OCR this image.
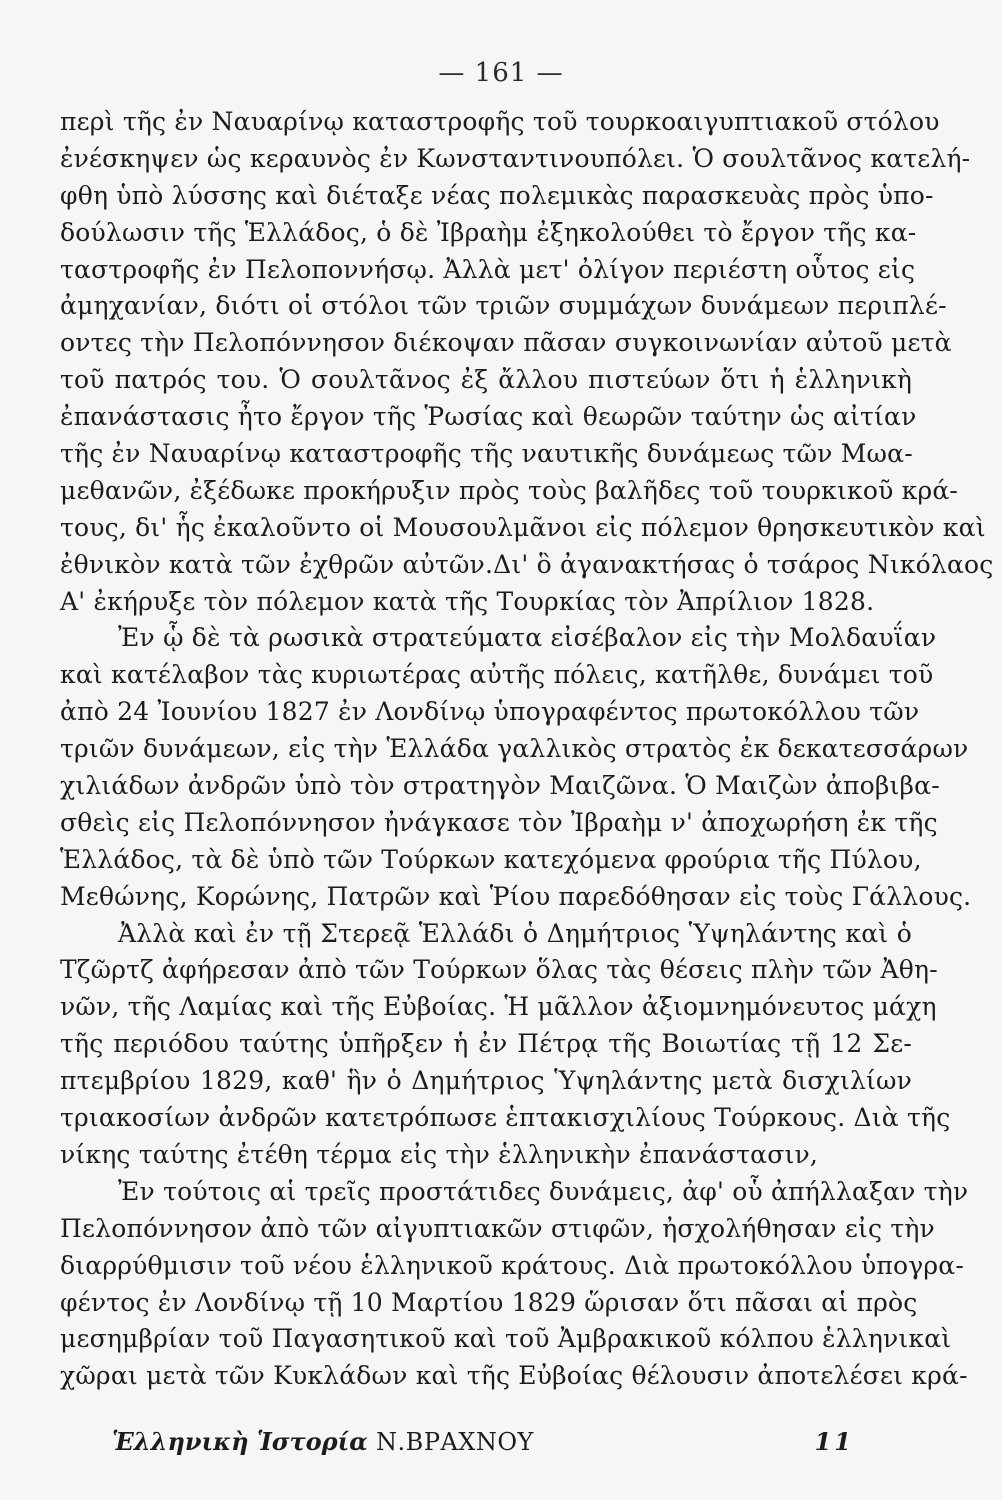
— 161 —
περὶ τῆς ἐν Ναυαρίνῳ καταστροφῆς τοῦ τουρκοαιγυπτιακοῦ στόλου
ἐνέσκηψεν ὡς κεραυνὸς ἐν Κωνσταντινουπόλει. Ὁ σουλτᾶνος κατελή-
φθη ὑπὸ λύσσης καὶ διέταξε νέας πολεμικὰς παρασκευὰς πρὸς ὑπο-
δούλωσιν τῆς Ἑλλάδος, ὁ δὲ Ἰβραὴμ ἐξηκολούθει τὸ ἔργον τῆς κα-
ταστροφῆς ἐν Πελοποννήσῳ. Ἀλλὰ μετ' ὀλίγον περιέστη οὗτος εἰς
ἀμηχανίαν, διότι οἱ στόλοι τῶν τριῶν συμμάχων δυνάμεων περιπλέ-
οντες τὴν Πελοπόννησον διέκοψαν πᾶσαν συγκοινωνίαν αὐτοῦ μετὰ
τοῦ πατρός του. Ὁ σουλτᾶνος ἐξ ἄλλου πιστεύων ὅτι ἡ ἑλληνικὴ
ἐπανάστασις ἦτο ἔργον τῆς Ῥωσίας καὶ θεωρῶν ταύτην ὡς αἰτίαν
τῆς ἐν Ναυαρίνῳ καταστροφῆς τῆς ναυτικῆς δυνάμεως τῶν Μωα-
μεθανῶν, ἐξέδωκε προκήρυξιν πρὸς τοὺς βαλῆδες τοῦ τουρκικοῦ κρά-
τους, δι' ἧς ἐκαλοῦντο οἱ Μουσουλμᾶνοι εἰς πόλεμον θρησκευτικὸν καὶ
ἐθνικὸν κατὰ τῶν ἐχθρῶν αὐτῶν.Δι' ὃ ἀγανακτήσας ὁ τσάρος Νικόλαος
Α' ἐκήρυξε τὸν πόλεμον κατὰ τῆς Τουρκίας τὸν Ἀπρίλιον 1828.
Ἐν ᾧ δὲ τὰ ρωσικὰ στρατεύματα εἰσέβαλον εἰς τὴν Μολδαυΐαν
καὶ κατέλαβον τὰς κυριωτέρας αὐτῆς πόλεις, κατῆλθε, δυνάμει τοῦ
ἀπὸ 24 Ἰουνίου 1827 ἐν Λονδίνῳ ὑπογραφέντος πρωτοκόλλου τῶν
τριῶν δυνάμεων, εἰς τὴν Ἑλλάδα γαλλικὸς στρατὸς ἐκ δεκατεσσάρων
χιλιάδων ἀνδρῶν ὑπὸ τὸν στρατηγὸν Μαιζῶνα. Ὁ Μαιζὼν ἀποβιβα-
σθεὶς εἰς Πελοπόννησον ἠνάγκασε τὸν Ἰβραὴμ ν' ἀποχωρήση ἐκ τῆς
Ἑλλάδος, τὰ δὲ ὑπὸ τῶν Τούρκων κατεχόμενα φρούρια τῆς Πύλου,
Μεθώνης, Κορώνης, Πατρῶν καὶ Ῥίου παρεδόθησαν εἰς τοὺς Γάλλους.
Ἀλλὰ καὶ ἐν τῇ Στερεᾷ Ἑλλάδι ὁ Δημήτριος Ὑψηλάντης καὶ ὁ
Τζῶρτζ ἀφήρεσαν ἀπὸ τῶν Τούρκων ὅλας τὰς θέσεις πλὴν τῶν Ἀθη-
νῶν, τῆς Λαμίας καὶ τῆς Εὐβοίας. Ἡ μᾶλλον ἀξιομνημόνευτος μάχη
τῆς περιόδου ταύτης ὑπῆρξεν ἡ ἐν Πέτρᾳ τῆς Βοιωτίας τῇ 12 Σε-
πτεμβρίου 1829, καθ' ἣν ὁ Δημήτριος Ὑψηλάντης μετὰ δισχιλίων
τριακοσίων ἀνδρῶν κατετρόπωσε ἑπτακισχιλίους Τούρκους. Διὰ τῆς
νίκης ταύτης ἐτέθη τέρμα εἰς τὴν ἑλληνικὴν ἐπανάστασιν,
Ἐν τούτοις αἱ τρεῖς προστάτιδες δυνάμεις, ἀφ' οὗ ἀπήλλαξαν τὴν
Πελοπόννησον ἀπὸ τῶν αἰγυπτιακῶν στιφῶν, ἠσχολήθησαν εἰς τὴν
διαρρύθμισιν τοῦ νέου ἑλληνικοῦ κράτους. Διὰ πρωτοκόλλου ὑπογρα-
φέντος ἐν Λονδίνῳ τῇ 10 Μαρτίου 1829 ὥρισαν ὅτι πᾶσαι αἱ πρὸς
μεσημβρίαν τοῦ Παγασητικοῦ καὶ τοῦ Ἀμβρακικοῦ κόλπου ἑλληνικαὶ
χῶραι μετὰ τῶν Κυκλάδων καὶ τῆς Εὐβοίας θέλουσιν ἀποτελέσει κρά-
Ἑλληνικὴ Ἱστορία Ν.ΒΡΑΧΝΟΥ	11
